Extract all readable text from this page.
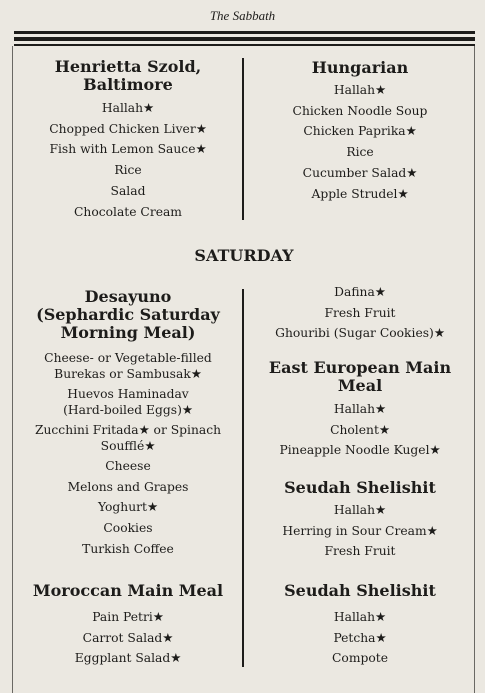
The Sabbath
Henrietta Szold,
Baltimore
Hallah★
Chopped Chicken Liver★
Fish with Lemon Sauce★
Rice
Salad
Chocolate Cream
Hungarian
Hallah★
Chicken Noodle Soup
Chicken Paprika★
Rice
Cucumber Salad★
Apple Strudel★
SATURDAY
Desayuno
(Sephardic Saturday
Morning Meal)
Cheese- or Vegetable-filled
Burekas or Sambusak★
Huevos Haminadav
(Hard-boiled Eggs)★
Zucchini Fritada★ or Spinach
Soufflé★
Cheese
Melons and Grapes
Yoghurt★
Cookies
Turkish Coffee
Moroccan Main Meal
Pain Petri★
Carrot Salad★
Eggplant Salad★
Dafina★
Fresh Fruit
Ghouribi (Sugar Cookies)★
East European Main
Meal
Hallah★
Cholent★
Pineapple Noodle Kugel★
Seudah Shelishit
Hallah★
Herring in Sour Cream★
Fresh Fruit
Seudah Shelishit
Hallah★
Petcha★
Compote
